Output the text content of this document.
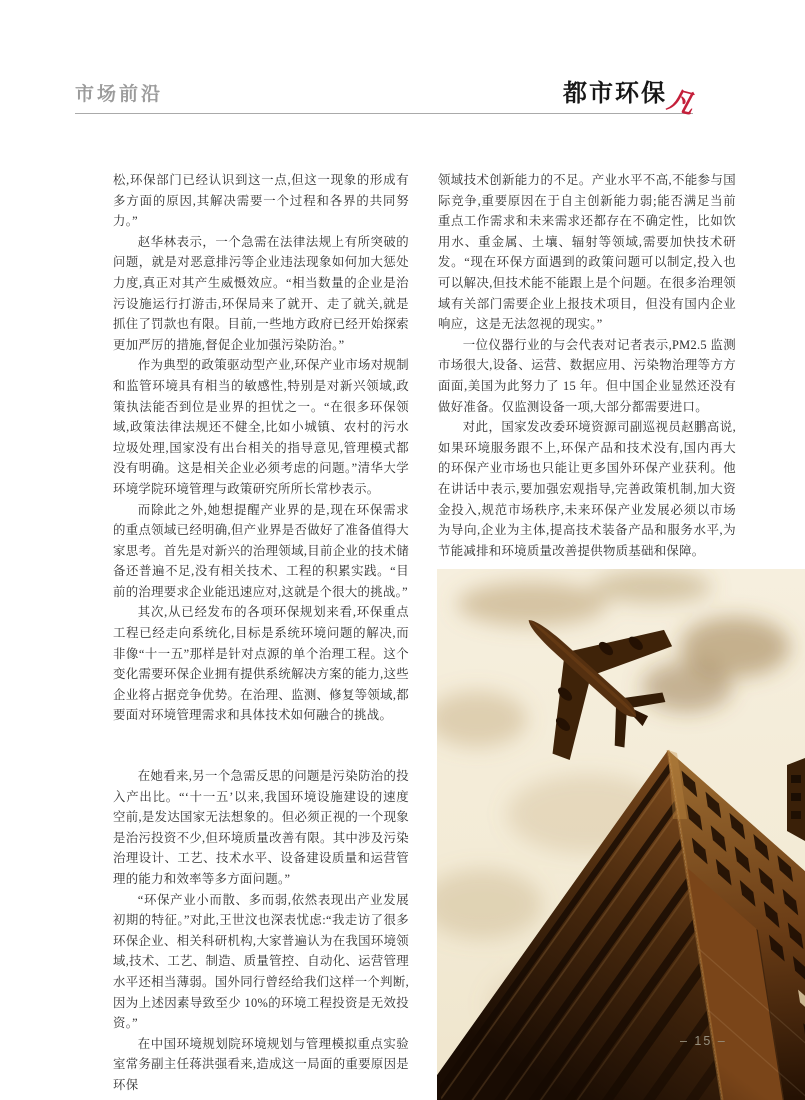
市场前沿	都市环保
凡

松,环保部门已经认识到这一点,但这一现象的形成有多方面的原因,其解决需要一个过程和各界的共同努力。”

赵华林表示，一个急需在法律法规上有所突破的问题，就是对恶意排污等企业违法现象如何加大惩处力度,真正对其产生威慑效应。“相当数量的企业是治污设施运行打游击,环保局来了就开、走了就关,就是抓住了罚款也有限。目前,一些地方政府已经开始探索更加严厉的措施,督促企业加强污染防治。”

作为典型的政策驱动型产业,环保产业市场对规制和监管环境具有相当的敏感性,特别是对新兴领域,政策执法能否到位是业界的担忧之一。“在很多环保领域,政策法律法规还不健全,比如小城镇、农村的污水垃圾处理,国家没有出台相关的指导意见,管理模式都没有明确。这是相关企业必须考虑的问题。”清华大学环境学院环境管理与政策研究所所长常杪表示。

而除此之外,她想提醒产业界的是,现在环保需求的重点领域已经明确,但产业界是否做好了准备值得大家思考。首先是对新兴的治理领域,目前企业的技术储备还普遍不足,没有相关技术、工程的积累实践。“目前的治理要求企业能迅速应对,这就是个很大的挑战。”

其次,从已经发布的各项环保规划来看,环保重点工程已经走向系统化,目标是系统环境问题的解决,而非像“十一五”那样是针对点源的单个治理工程。这个变化需要环保企业拥有提供系统解决方案的能力,这些企业将占据竞争优势。在治理、监测、修复等领域,都要面对环境管理需求和具体技术如何融合的挑战。

在她看来,另一个急需反思的问题是污染防治的投入产出比。“‘十一五’以来,我国环境设施建设的速度空前,是发达国家无法想象的。但必须正视的一个现象是治污投资不少,但环境质量改善有限。其中涉及污染治理设计、工艺、技术水平、设备建设质量和运营管理的能力和效率等多方面问题。”

“环保产业小而散、多而弱,依然表现出产业发展初期的特征。”对此,王世汶也深表忧虑:“我走访了很多环保企业、相关科研机构,大家普遍认为在我国环境领域,技术、工艺、制造、质量管控、自动化、运营管理水平还相当薄弱。国外同行曾经给我们这样一个判断,因为上述因素导致至少 10%的环境工程投资是无效投资。”

在中国环境规划院环境规划与管理模拟重点实验室常务副主任蒋洪强看来,造成这一局面的重要原因是环保

领域技术创新能力的不足。产业水平不高,不能参与国际竞争,重要原因在于自主创新能力弱;能否满足当前重点工作需求和未来需求还都存在不确定性，比如饮用水、重金属、土壤、辐射等领域,需要加快技术研发。“现在环保方面遇到的政策问题可以制定,投入也可以解决,但技术能不能跟上是个问题。在很多治理领域有关部门需要企业上报技术项目，但没有国内企业响应，这是无法忽视的现实。”

一位仪器行业的与会代表对记者表示,PM2.5 监测市场很大,设备、运营、数据应用、污染物治理等方方面面,美国为此努力了 15 年。但中国企业显然还没有做好准备。仅监测设备一项,大部分都需要进口。

对此，国家发改委环境资源司副巡视员赵鹏高说,如果环境服务跟不上,环保产品和技术没有,国内再大的环保产业市场也只能让更多国外环保产业获利。他在讲话中表示,要加强宏观指导,完善政策机制,加大资金投入,规范市场秩序,未来环保产业发展必须以市场为导向,企业为主体,提高技术装备产品和服务水平,为节能减排和环境质量改善提供物质基础和保障。

– 15 –
